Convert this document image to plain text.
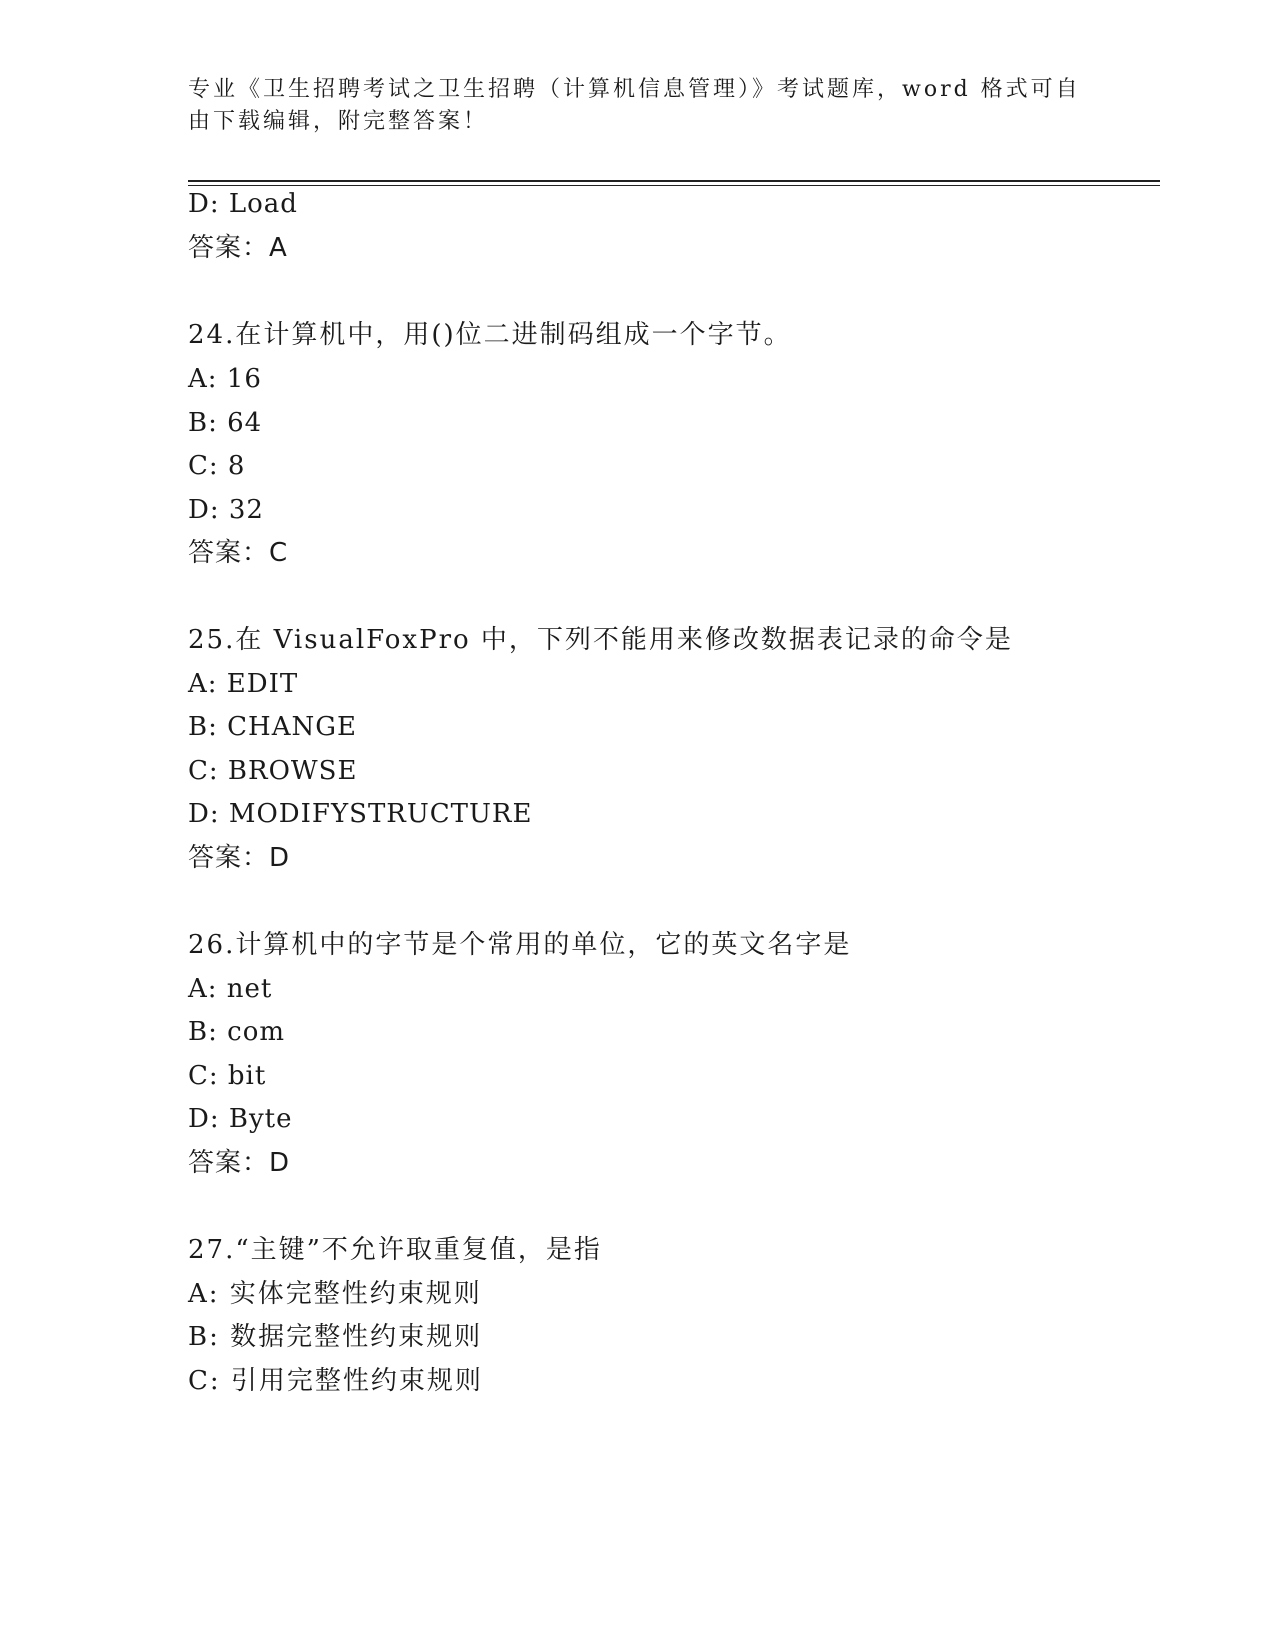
专业《卫生招聘考试之卫生招聘（计算机信息管理）》考试题库，word 格式可自
由下载编辑，附完整答案！
D: Load
答案：A
24.在计算机中，用()位二进制码组成一个字节。
A: 16
B: 64
C: 8
D: 32
答案：C
25.在 VisualFoxPro 中，下列不能用来修改数据表记录的命令是
A: EDIT
B: CHANGE
C: BROWSE
D: MODIFYSTRUCTURE
答案：D
26.计算机中的字节是个常用的单位，它的英文名字是
A: net
B: com
C: bit
D: Byte
答案：D
27.“主键”不允许取重复值，是指
A: 实体完整性约束规则
B: 数据完整性约束规则
C: 引用完整性约束规则
